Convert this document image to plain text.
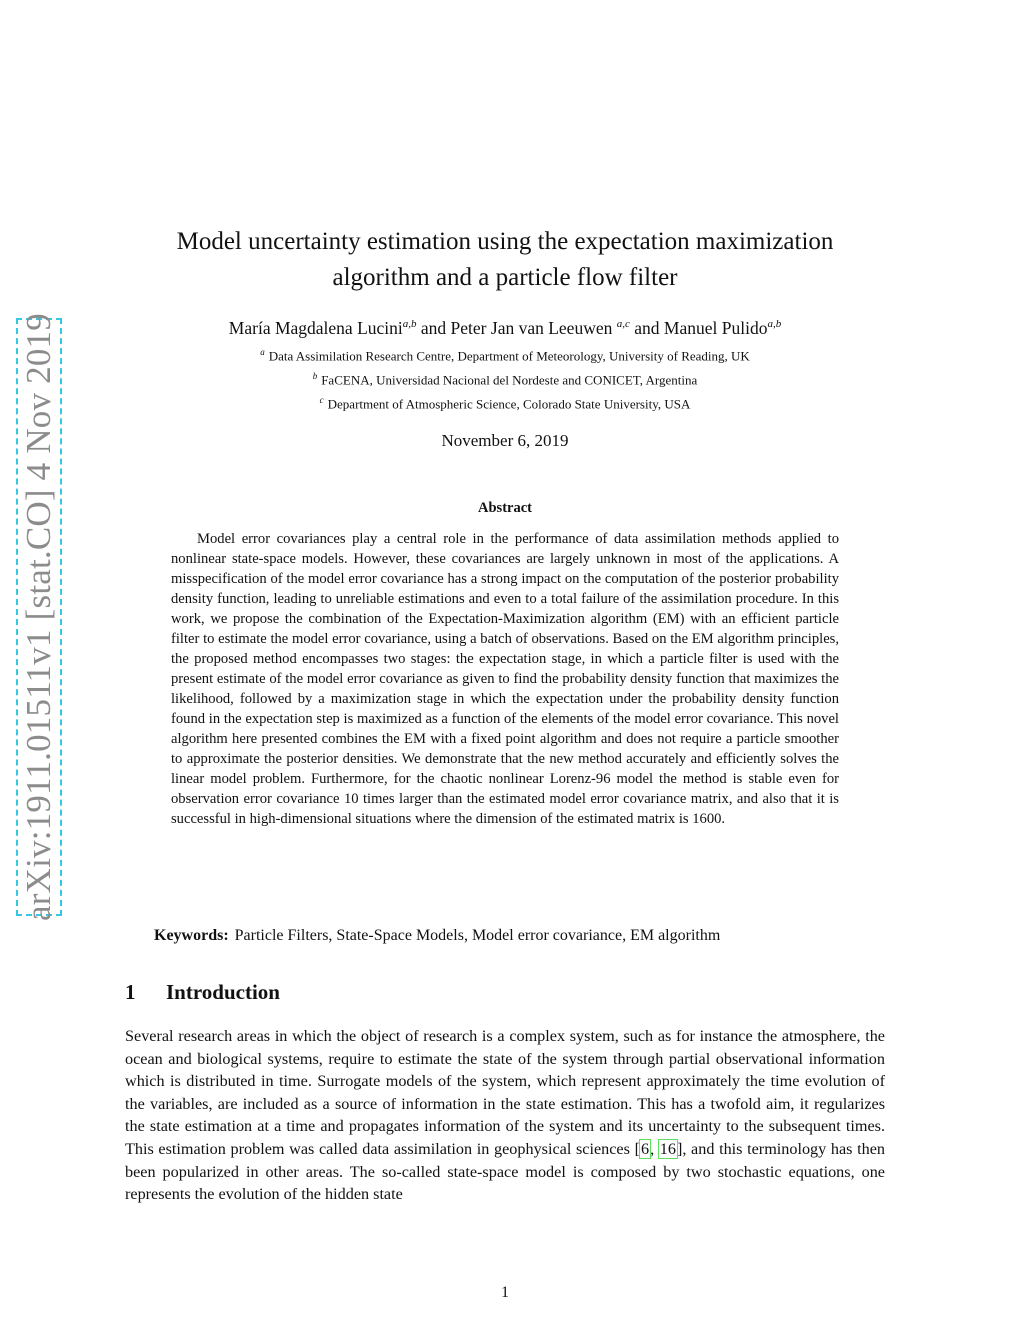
arXiv:1911.01511v1 [stat.CO] 4 Nov 2019
Model uncertainty estimation using the expectation maximization
algorithm and a particle flow filter
María Magdalena Lucini$^{a,b}$ and Peter Jan van Leeuwen $^{a,c}$ and Manuel Pulido$^{a,b}$
$^a$ Data Assimilation Research Centre, Department of Meteorology, University of Reading, UK
$^b$ FaCENA, Universidad Nacional del Nordeste and CONICET, Argentina
$^c$ Department of Atmospheric Science, Colorado State University, USA
November 6, 2019
Abstract
Model error covariances play a central role in the performance of data assimilation methods applied to nonlinear state-space models. However, these covariances are largely unknown in most of the applications. A misspecification of the model error covariance has a strong impact on the computation of the posterior probability density function, leading to unreliable estimations and even to a total failure of the assimilation procedure. In this work, we propose the combination of the Expectation-Maximization algorithm (EM) with an efficient particle filter to estimate the model error covariance, using a batch of observations. Based on the EM algorithm principles, the proposed method encompasses two stages: the expectation stage, in which a particle filter is used with the present estimate of the model error covariance as given to find the probability density function that maximizes the likelihood, followed by a maximization stage in which the expectation under the probability density function found in the expectation step is maximized as a function of the elements of the model error covariance. This novel algorithm here presented combines the EM with a fixed point algorithm and does not require a particle smoother to approximate the posterior densities. We demonstrate that the new method accurately and efficiently solves the linear model problem. Furthermore, for the chaotic nonlinear Lorenz-96 model the method is stable even for observation error covariance 10 times larger than the estimated model error covariance matrix, and also that it is successful in high-dimensional situations where the dimension of the estimated matrix is 1600.
Keywords: Particle Filters, State-Space Models, Model error covariance, EM algorithm
1 Introduction
Several research areas in which the object of research is a complex system, such as for instance the atmosphere, the ocean and biological systems, require to estimate the state of the system through partial observational information which is distributed in time. Surrogate models of the system, which represent approximately the time evolution of the variables, are included as a source of information in the state estimation. This has a twofold aim, it regularizes the state estimation at a time and propagates information of the system and its uncertainty to the subsequent times. This estimation problem was called data assimilation in geophysical sciences [6, 16], and this terminology has then been popularized in other areas. The so-called state-space model is composed by two stochastic equations, one represents the evolution of the hidden state
1
